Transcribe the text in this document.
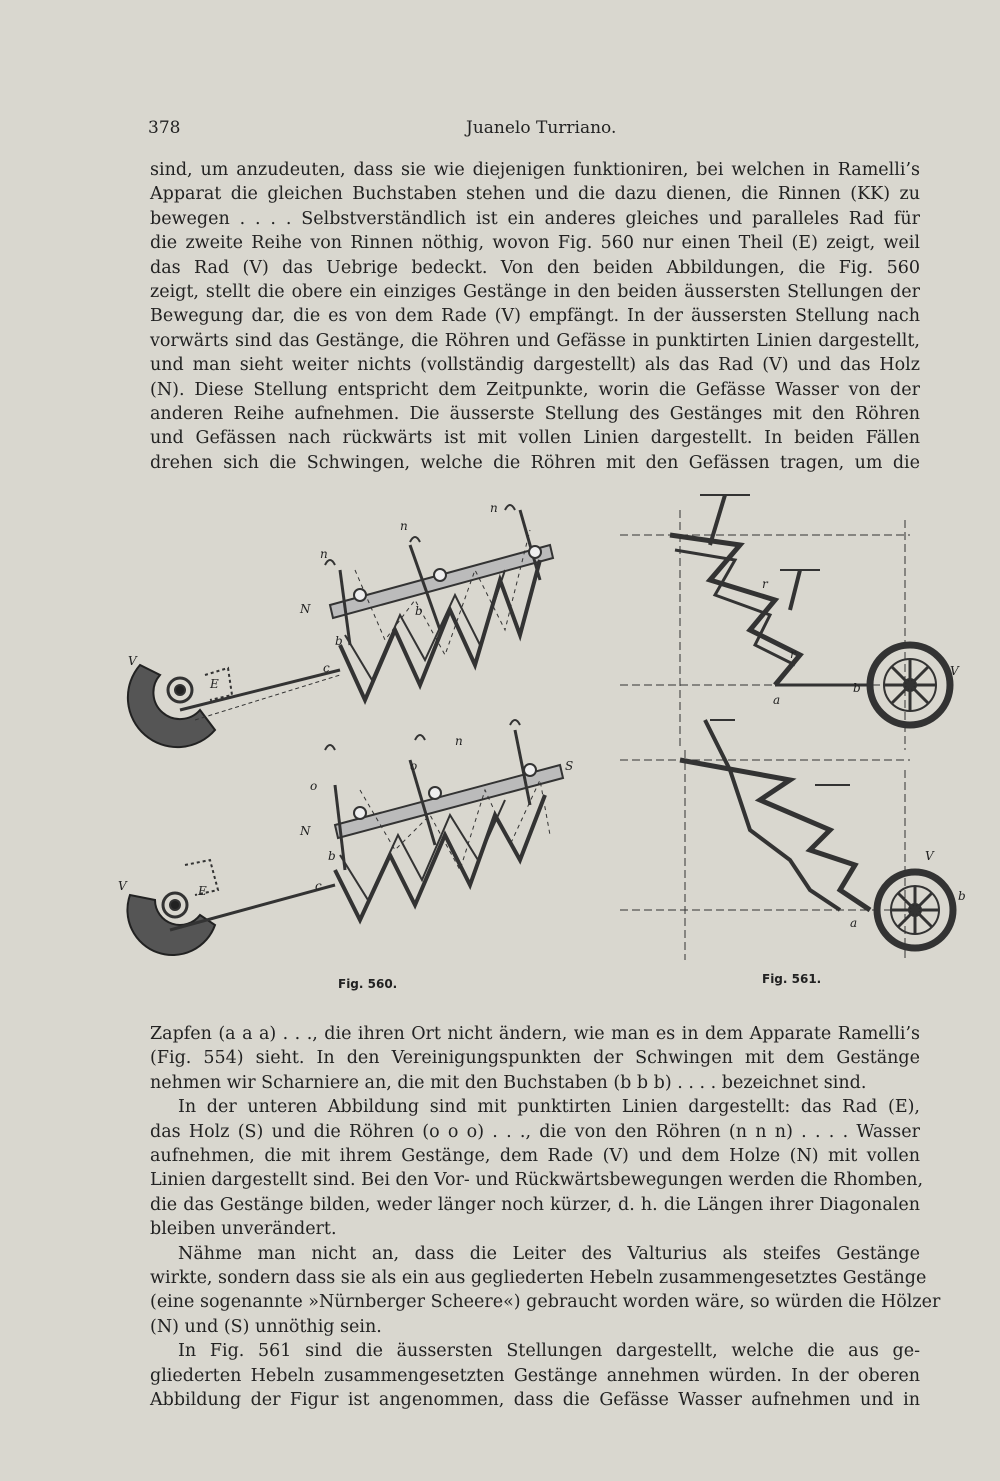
378	Juanelo Turriano.

sind, um anzudeuten, dass sie wie diejenigen funktioniren, bei welchen in Ramelli’s

Apparat die gleichen Buchstaben stehen und die dazu dienen, die Rinnen (KK) zu

bewegen . . . . Selbstverständlich ist ein anderes gleiches und paralleles Rad für

die zweite Reihe von Rinnen nöthig, wovon Fig. 560 nur einen Theil (E) zeigt, weil

das Rad (V) das Uebrige bedeckt. Von den beiden Abbildungen, die Fig. 560

zeigt, stellt die obere ein einziges Gestänge in den beiden äussersten Stellungen der

Bewegung dar, die es von dem Rade (V) empfängt. In der äussersten Stellung nach

vorwärts sind das Gestänge, die Röhren und Gefässe in punktirten Linien dargestellt,

und man sieht weiter nichts (vollständig dargestellt) als das Rad (V) und das Holz

(N). Diese Stellung entspricht dem Zeitpunkte, worin die Gefässe Wasser von der

anderen Reihe aufnehmen. Die äusserste Stellung des Gestänges mit den Röhren

und Gefässen nach rückwärts ist mit vollen Linien dargestellt. In beiden Fällen

drehen sich die Schwingen, welche die Röhren mit den Gefässen tragen, um die

n
n
n
N
b
b
c
V
E
n
o
o
S
N
b
c
V	E
r
r
a
b
V
V
a
b
Fig. 560.	Fig. 561.

Zapfen (a a a) . . ., die ihren Ort nicht ändern, wie man es in dem Apparate Ramelli’s

(Fig. 554) sieht. In den Vereinigungspunkten der Schwingen mit dem Gestänge

nehmen wir Scharniere an, die mit den Buchstaben (b b b) . . . . bezeichnet sind.

In der unteren Abbildung sind mit punktirten Linien dargestellt: das Rad (E),

das Holz (S) und die Röhren (o o o) . . ., die von den Röhren (n n n) . . . . Wasser

aufnehmen, die mit ihrem Gestänge, dem Rade (V) und dem Holze (N) mit vollen

Linien dargestellt sind. Bei den Vor- und Rückwärtsbewegungen werden die Rhomben,

die das Gestänge bilden, weder länger noch kürzer, d. h. die Längen ihrer Diagonalen

bleiben unverändert.

Nähme man nicht an, dass die Leiter des Valturius als steifes Gestänge

wirkte, sondern dass sie als ein aus gegliederten Hebeln zusammengesetztes Gestänge

(eine sogenannte »Nürnberger Scheere«) gebraucht worden wäre, so würden die Hölzer

(N) und (S) unnöthig sein.

In Fig. 561 sind die äussersten Stellungen dargestellt, welche die aus ge-

gliederten Hebeln zusammengesetzten Gestänge annehmen würden. In der oberen

Abbildung der Figur ist angenommen, dass die Gefässe Wasser aufnehmen und in
